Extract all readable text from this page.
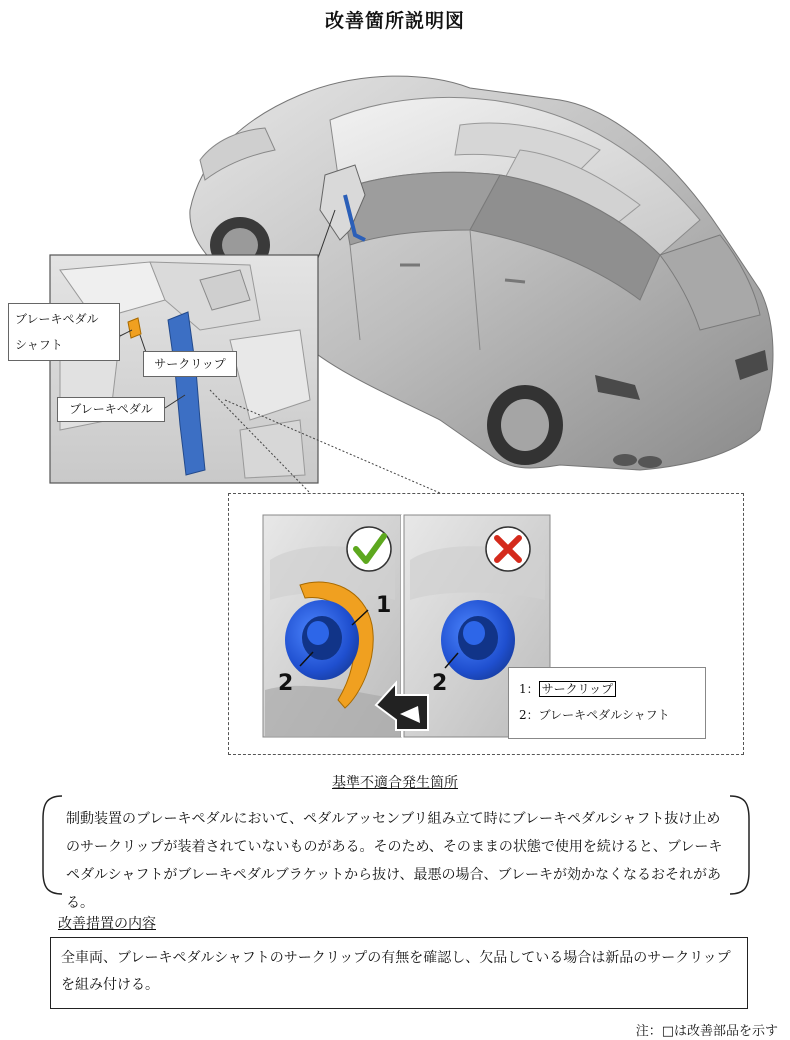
改善箇所説明図
1
2	2
ブレーキペダル
シャフト
サークリップ
ブレーキペダル
1： サークリップ
2：ブレーキペダルシャフト
基準不適合発生箇所
制動装置のブレーキペダルにおいて、ペダルアッセンブリ組み立て時にブレーキペダルシャフト抜け止めのサークリップが装着されていないものがある。そのため、そのままの状態で使用を続けると、ブレーキペダルシャフトがブレーキペダルブラケットから抜け、最悪の場合、ブレーキが効かなくなるおそれがある。
改善措置の内容
全車両、ブレーキペダルシャフトのサークリップの有無を確認し、欠品している場合は新品のサークリップを組み付ける。
注：□は改善部品を示す
